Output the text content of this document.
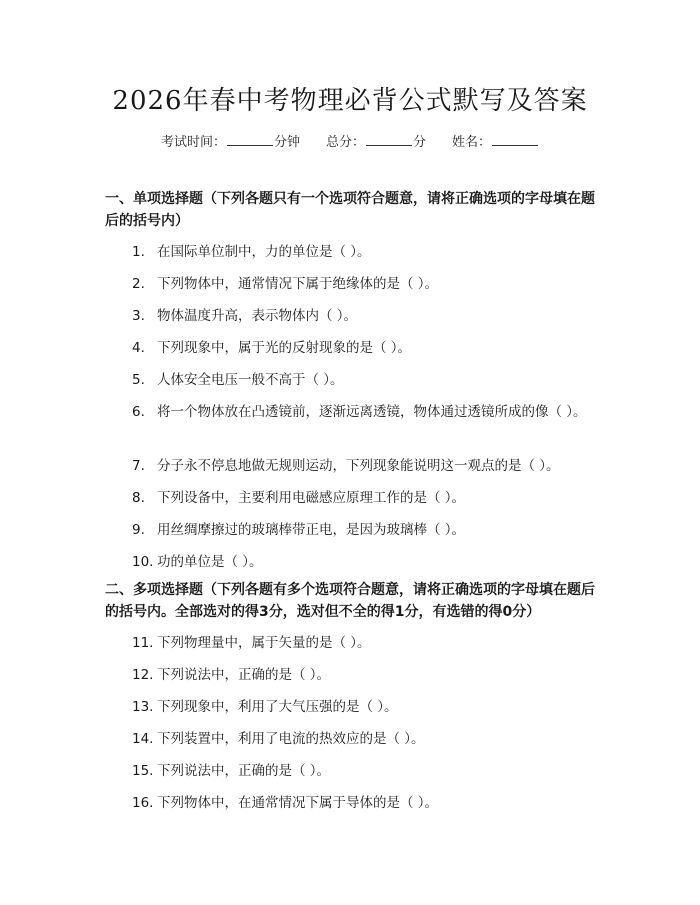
2026年春中考物理必背公式默写及答案
考试时间：	分钟 总分：	分 姓名：

一、单项选择题（下列各题只有一个选项符合题意，请将正确选项的字母填在题后的括号内）

1. 在国际单位制中，力的单位是（ ）。
2. 下列物体中，通常情况下属于绝缘体的是（ ）。
3. 物体温度升高，表示物体内（ ）。
4. 下列现象中，属于光的反射现象的是（ ）。
5. 人体安全电压一般不高于（ ）。
6. 将一个物体放在凸透镜前，逐渐远离透镜，物体通过透镜所成的像（ ）。
7. 分子永不停息地做无规则运动，下列现象能说明这一观点的是（ ）。
8. 下列设备中，主要利用电磁感应原理工作的是（ ）。
9. 用丝绸摩擦过的玻璃棒带正电，是因为玻璃棒（ ）。
10. 功的单位是（ ）。

二、多项选择题（下列各题有多个选项符合题意，请将正确选项的字母填在题后的括号内。全部选对的得3分，选对但不全的得1分，有选错的得0分）

11. 下列物理量中，属于矢量的是（ ）。
12. 下列说法中，正确的是（ ）。
13. 下列现象中，利用了大气压强的是（ ）。
14. 下列装置中，利用了电流的热效应的是（ ）。
15. 下列说法中，正确的是（ ）。
16. 下列物体中，在通常情况下属于导体的是（ ）。
